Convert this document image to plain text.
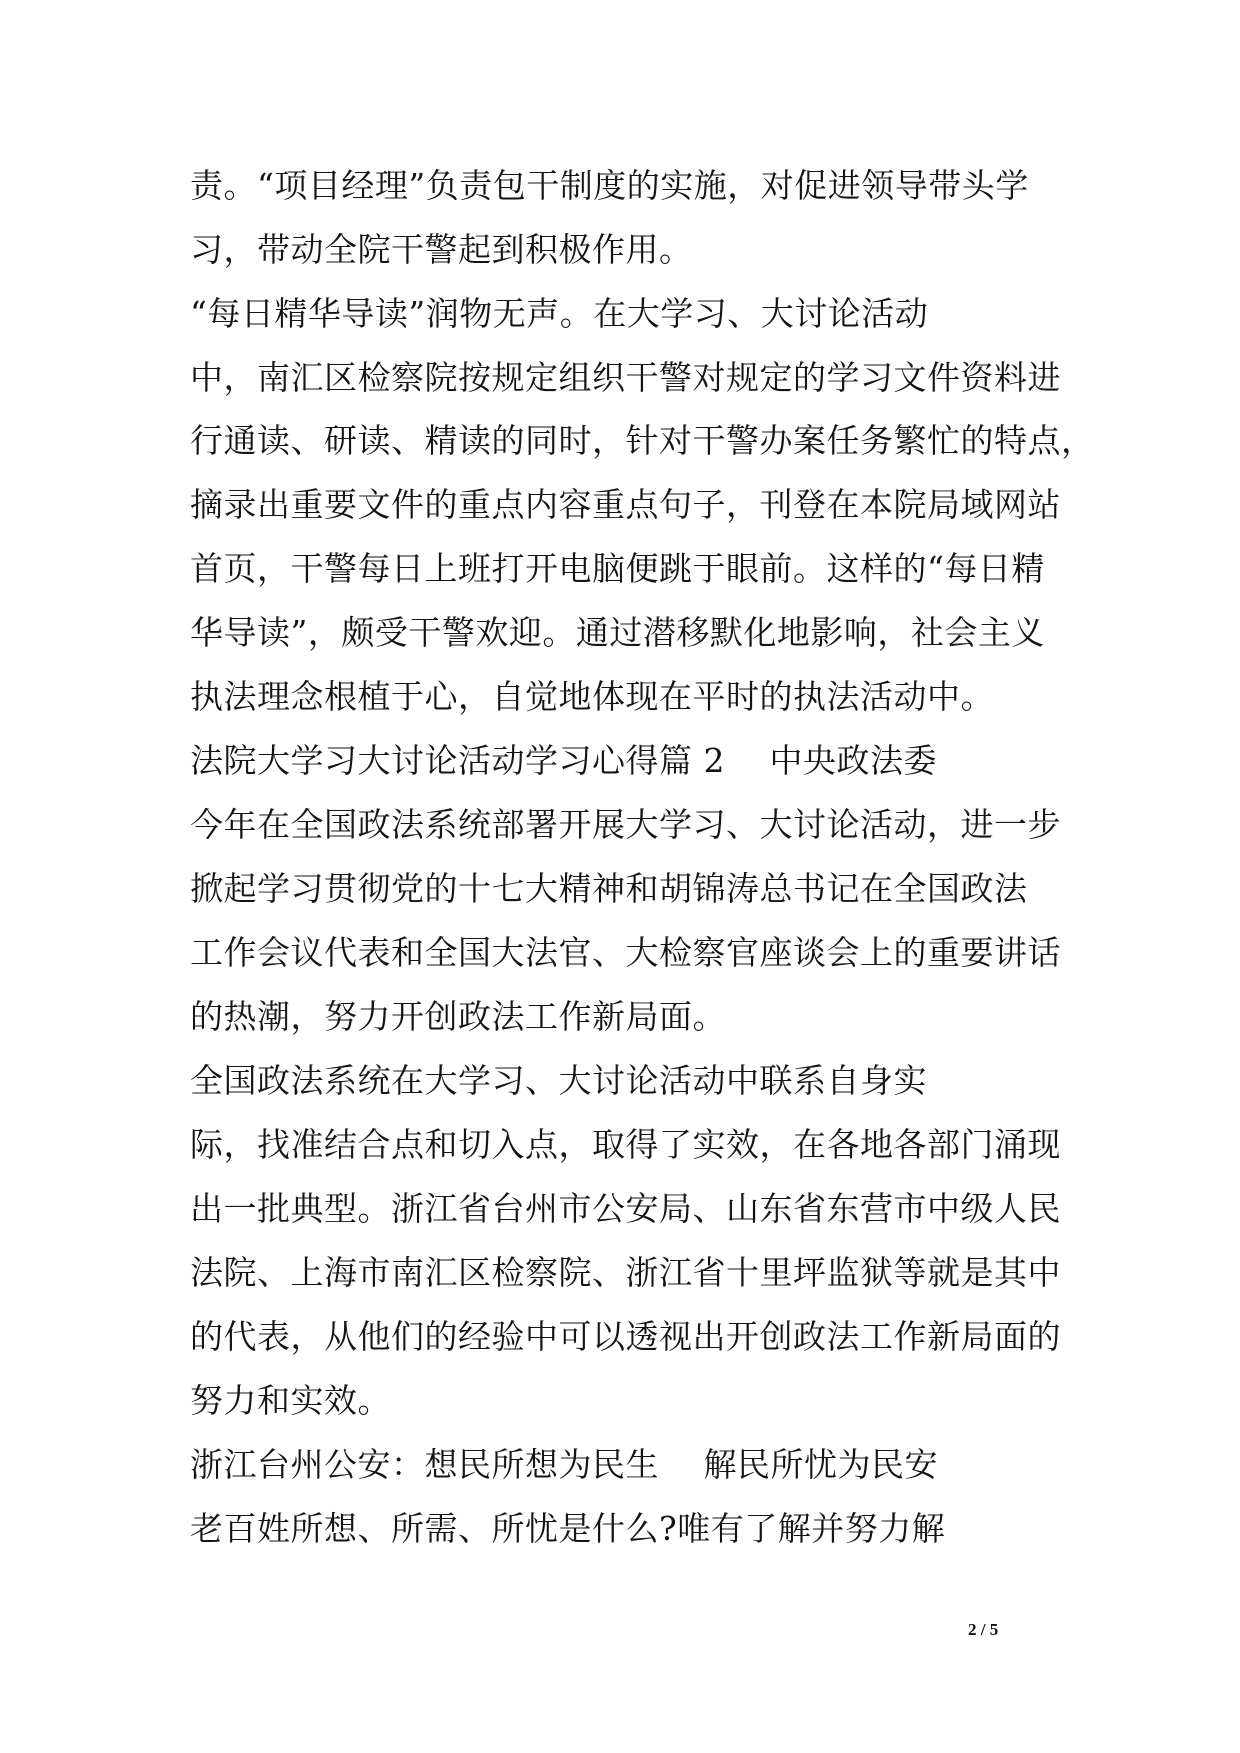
责。“项目经理”负责包干制度的实施，对促进领导带头学
习，带动全院干警起到积极作用。
“每日精华导读”润物无声。在大学习、大讨论活动
中，南汇区检察院按规定组织干警对规定的学习文件资料进
行通读、研读、精读的同时，针对干警办案任务繁忙的特点，
摘录出重要文件的重点内容重点句子，刊登在本院局域网站
首页，干警每日上班打开电脑便跳于眼前。这样的“每日精
华导读”，颇受干警欢迎。通过潜移默化地影响，社会主义
执法理念根植于心，自觉地体现在平时的执法活动中。
法院大学习大讨论活动学习心得篇 2　 中央政法委
今年在全国政法系统部署开展大学习、大讨论活动，进一步
掀起学习贯彻党的十七大精神和胡锦涛总书记在全国政法
工作会议代表和全国大法官、大检察官座谈会上的重要讲话
的热潮，努力开创政法工作新局面。
全国政法系统在大学习、大讨论活动中联系自身实
际，找准结合点和切入点，取得了实效，在各地各部门涌现
出一批典型。浙江省台州市公安局、山东省东营市中级人民
法院、上海市南汇区检察院、浙江省十里坪监狱等就是其中
的代表，从他们的经验中可以透视出开创政法工作新局面的
努力和实效。
浙江台州公安：想民所想为民生　 解民所忧为民安
老百姓所想、所需、所忧是什么?唯有了解并努力解
2 / 5
